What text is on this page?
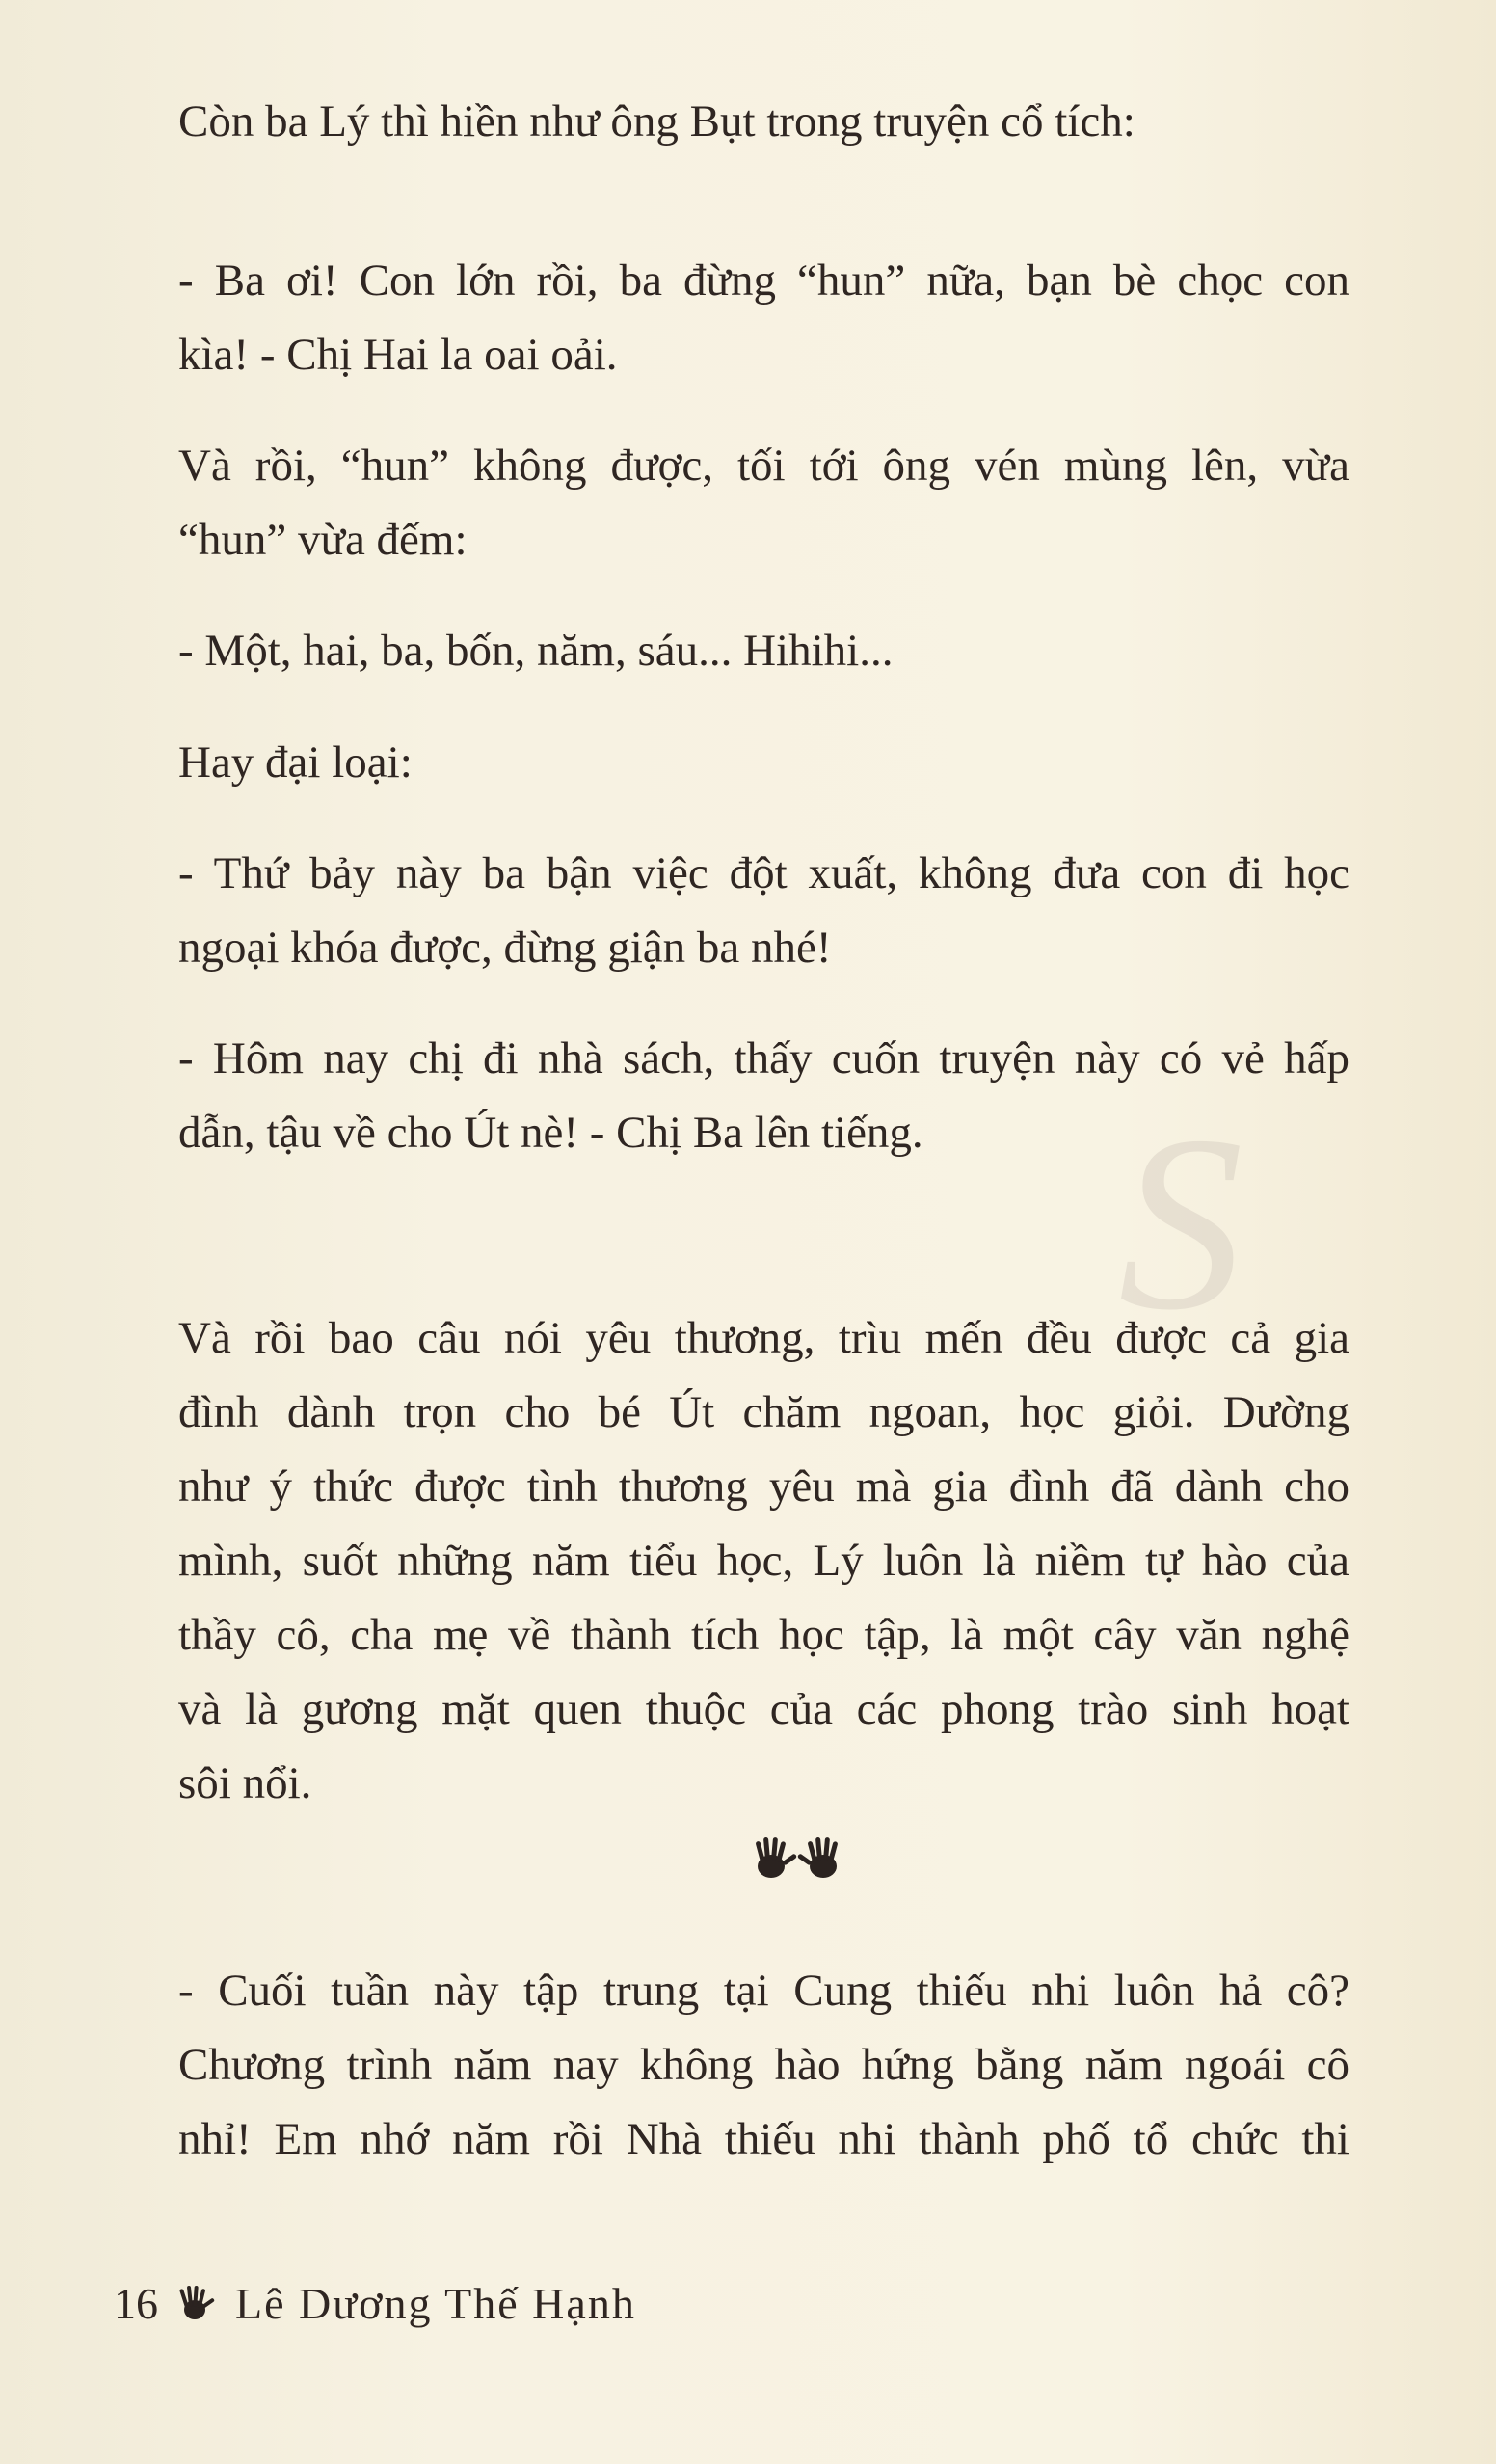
S
Còn ba Lý thì hiền như ông Bụt trong truyện cổ tích:
- Ba ơi! Con lớn rồi, ba đừng “hun” nữa, bạn bè chọc con
kìa! - Chị Hai la oai oải.
Và rồi, “hun” không được, tối tới ông vén mùng lên, vừa
“hun” vừa đếm:
- Một, hai, ba, bốn, năm, sáu... Hihihi...
Hay đại loại:
- Thứ bảy này ba bận việc đột xuất, không đưa con đi học
ngoại khóa được, đừng giận ba nhé!
- Hôm nay chị đi nhà sách, thấy cuốn truyện này có vẻ hấp
dẫn, tậu về cho Út nè! - Chị Ba lên tiếng.
Và rồi bao câu nói yêu thương, trìu mến đều được cả gia
đình dành trọn cho bé Út chăm ngoan, học giỏi. Dường
như ý thức được tình thương yêu mà gia đình đã dành cho
mình, suốt những năm tiểu học, Lý luôn là niềm tự hào của
thầy cô, cha mẹ về thành tích học tập, là một cây văn nghệ
và là gương mặt quen thuộc của các phong trào sinh hoạt
sôi nổi.
- Cuối tuần này tập trung tại Cung thiếu nhi luôn hả cô?
Chương trình năm nay không hào hứng bằng năm ngoái cô
nhỉ! Em nhớ năm rồi Nhà thiếu nhi thành phố tổ chức thi
16 Lê Dương Thế Hạnh
